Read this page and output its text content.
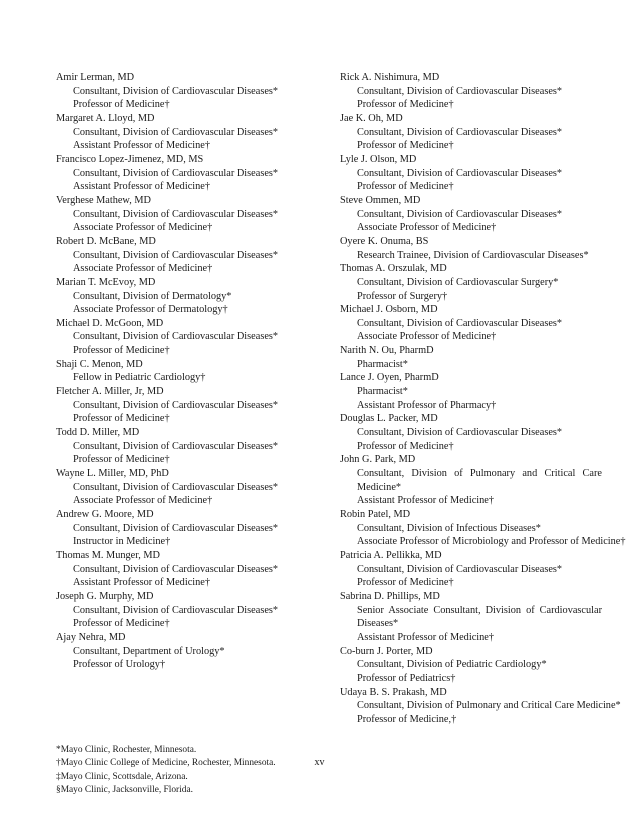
Amir Lerman, MD
Consultant, Division of Cardiovascular Diseases*
Professor of Medicine†
Margaret A. Lloyd, MD
Consultant, Division of Cardiovascular Diseases*
Assistant Professor of Medicine†
Francisco Lopez-Jimenez, MD, MS
Consultant, Division of Cardiovascular Diseases*
Assistant Professor of Medicine†
Verghese Mathew, MD
Consultant, Division of Cardiovascular Diseases*
Associate Professor of Medicine†
Robert D. McBane, MD
Consultant, Division of Cardiovascular Diseases*
Associate Professor of Medicine†
Marian T. McEvoy, MD
Consultant, Division of Dermatology*
Associate Professor of Dermatology†
Michael D. McGoon, MD
Consultant, Division of Cardiovascular Diseases*
Professor of Medicine†
Shaji C. Menon, MD
Fellow in Pediatric Cardiology†
Fletcher A. Miller, Jr, MD
Consultant, Division of Cardiovascular Diseases*
Professor of Medicine†
Todd D. Miller, MD
Consultant, Division of Cardiovascular Diseases*
Professor of Medicine†
Wayne L. Miller, MD, PhD
Consultant, Division of Cardiovascular Diseases*
Associate Professor of Medicine†
Andrew G. Moore, MD
Consultant, Division of Cardiovascular Diseases*
Instructor in Medicine†
Thomas M. Munger, MD
Consultant, Division of Cardiovascular Diseases*
Assistant Professor of Medicine†
Joseph G. Murphy, MD
Consultant, Division of Cardiovascular Diseases*
Professor of Medicine†
Ajay Nehra, MD
Consultant, Department of Urology*
Professor of Urology†
Rick A. Nishimura, MD
Consultant, Division of Cardiovascular Diseases*
Professor of Medicine†
Jae K. Oh, MD
Consultant, Division of Cardiovascular Diseases*
Professor of Medicine†
Lyle J. Olson, MD
Consultant, Division of Cardiovascular Diseases*
Professor of Medicine†
Steve Ommen, MD
Consultant, Division of Cardiovascular Diseases*
Associate Professor of Medicine†
Oyere K. Onuma, BS
Research Trainee, Division of Cardiovascular Diseases*
Thomas A. Orszulak, MD
Consultant, Division of Cardiovascular Surgery*
Professor of Surgery†
Michael J. Osborn, MD
Consultant, Division of Cardiovascular Diseases*
Associate Professor of Medicine†
Narith N. Ou, PharmD
Pharmacist*
Lance J. Oyen, PharmD
Pharmacist*
Assistant Professor of Pharmacy†
Douglas L. Packer, MD
Consultant, Division of Cardiovascular Diseases*
Professor of Medicine†
John G. Park, MD
Consultant, Division of Pulmonary and Critical Care Medicine*
Assistant Professor of Medicine†
Robin Patel, MD
Consultant, Division of Infectious Diseases*
Associate Professor of Microbiology and Professor of Medicine†
Patricia A. Pellikka, MD
Consultant, Division of Cardiovascular Diseases*
Professor of Medicine†
Sabrina D. Phillips, MD
Senior Associate Consultant, Division of Cardiovascular Diseases*
Assistant Professor of Medicine†
Co-burn J. Porter, MD
Consultant, Division of Pediatric Cardiology*
Professor of Pediatrics†
Udaya B. S. Prakash, MD
Consultant, Division of Pulmonary and Critical Care Medicine*
Professor of Medicine,†
*Mayo Clinic, Rochester, Minnesota.
†Mayo Clinic College of Medicine, Rochester, Minnesota.
‡Mayo Clinic, Scottsdale, Arizona.
§Mayo Clinic, Jacksonville, Florida.
xv
